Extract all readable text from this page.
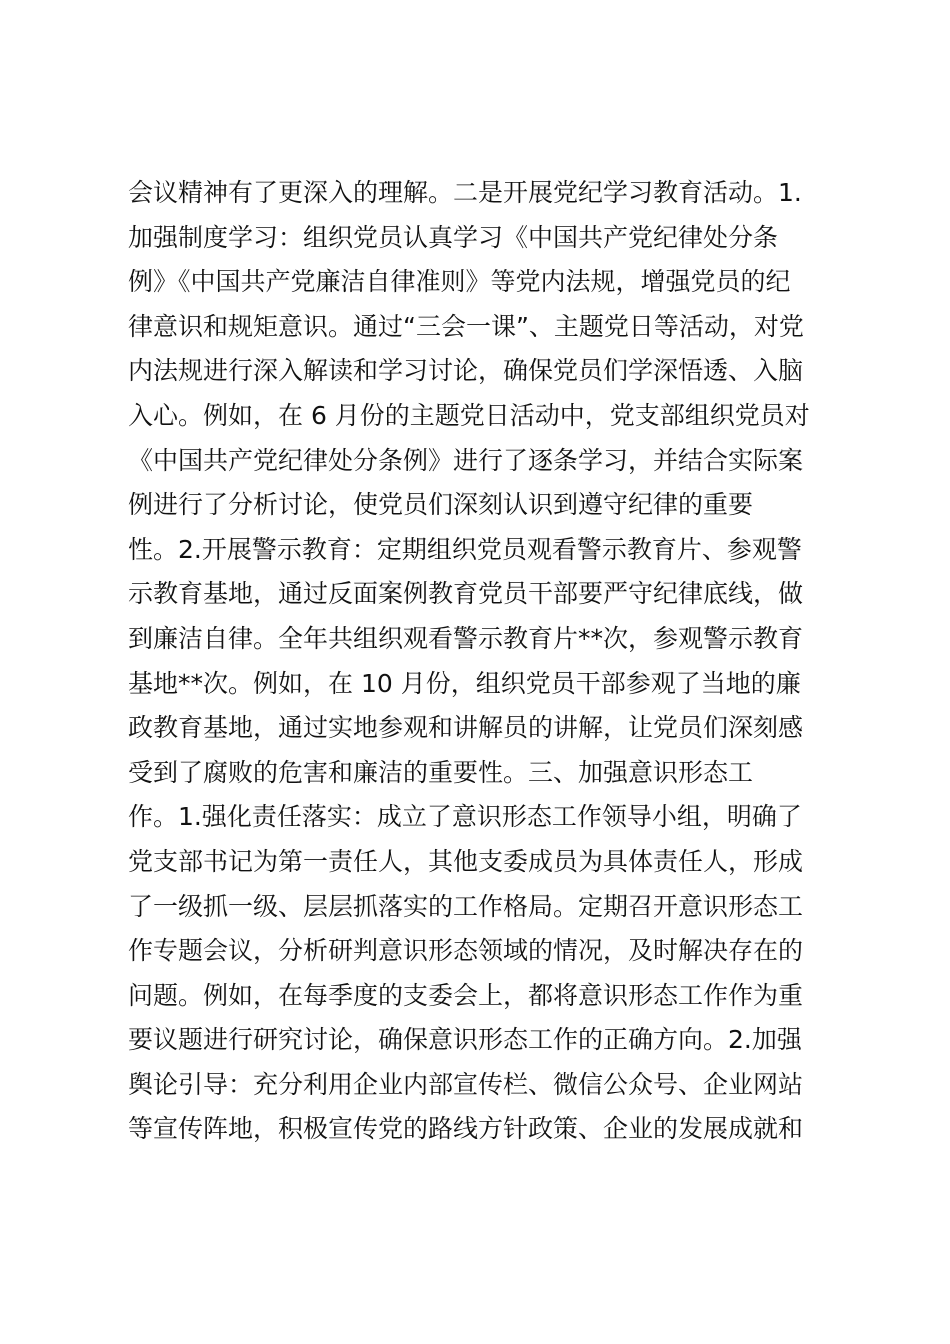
会议精神有了更深入的理解。二是开展党纪学习教育活动。1.
加强制度学习：组织党员认真学习《中国共产党纪律处分条
例》《中国共产党廉洁自律准则》等党内法规，增强党员的纪
律意识和规矩意识。通过“三会一课”、主题党日等活动，对党
内法规进行深入解读和学习讨论，确保党员们学深悟透、入脑
入心。例如，在 6 月份的主题党日活动中，党支部组织党员对
《中国共产党纪律处分条例》进行了逐条学习，并结合实际案
例进行了分析讨论，使党员们深刻认识到遵守纪律的重要
性。2.开展警示教育：定期组织党员观看警示教育片、参观警
示教育基地，通过反面案例教育党员干部要严守纪律底线，做
到廉洁自律。全年共组织观看警示教育片**次，参观警示教育
基地**次。例如，在 10 月份，组织党员干部参观了当地的廉
政教育基地，通过实地参观和讲解员的讲解，让党员们深刻感
受到了腐败的危害和廉洁的重要性。三、加强意识形态工
作。1.强化责任落实：成立了意识形态工作领导小组，明确了
党支部书记为第一责任人，其他支委成员为具体责任人，形成
了一级抓一级、层层抓落实的工作格局。定期召开意识形态工
作专题会议，分析研判意识形态领域的情况，及时解决存在的
问题。例如，在每季度的支委会上，都将意识形态工作作为重
要议题进行研究讨论，确保意识形态工作的正确方向。2.加强
舆论引导：充分利用企业内部宣传栏、微信公众号、企业网站
等宣传阵地，积极宣传党的路线方针政策、企业的发展成就和
